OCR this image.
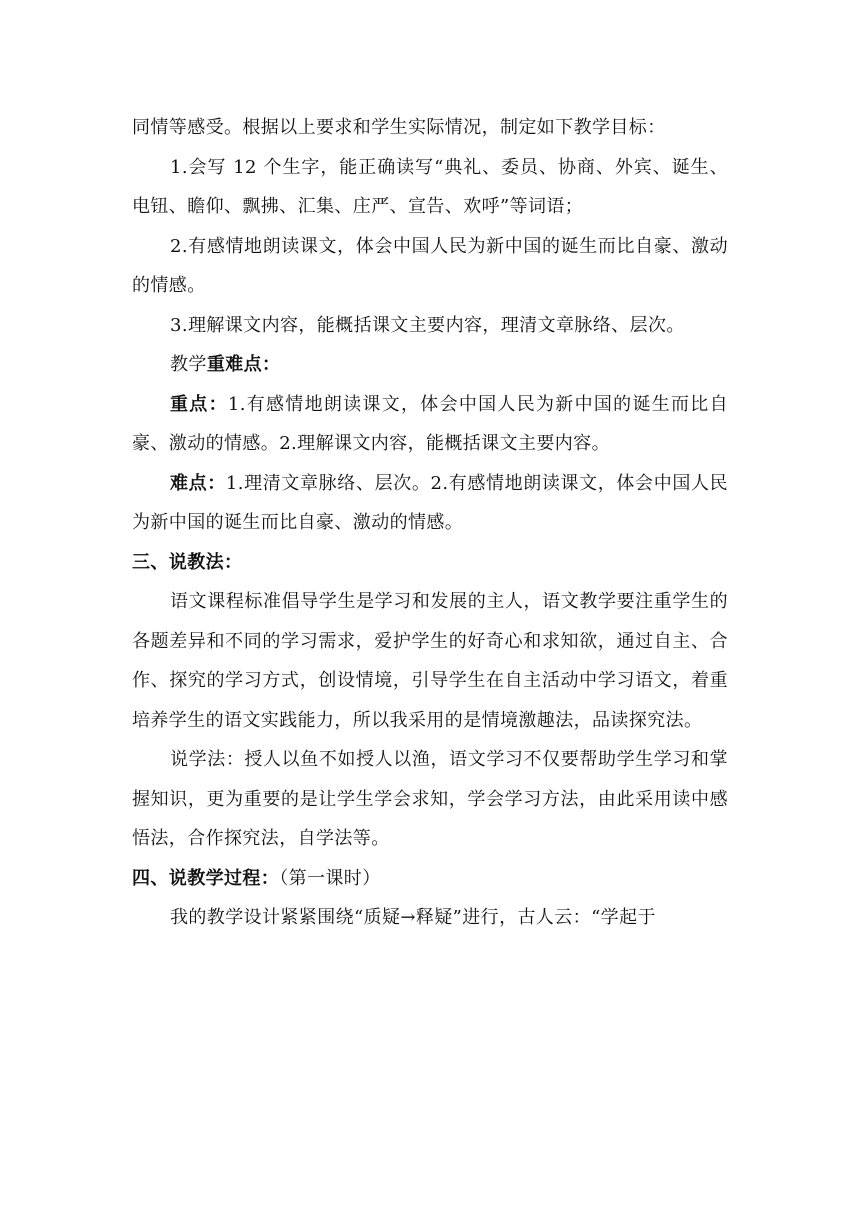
同情等感受。根据以上要求和学生实际情况，制定如下教学目标：

1.会写 12 个生字，能正确读写“典礼、委员、协商、外宾、诞生、电钮、瞻仰、飘拂、汇集、庄严、宣告、欢呼”等词语；

2.有感情地朗读课文，体会中国人民为新中国的诞生而比自豪、激动的情感。

3.理解课文内容，能概括课文主要内容，理清文章脉络、层次。

教学重难点：

重点：1.有感情地朗读课文，体会中国人民为新中国的诞生而比自豪、激动的情感。2.理解课文内容，能概括课文主要内容。

难点：1.理清文章脉络、层次。2.有感情地朗读课文，体会中国人民为新中国的诞生而比自豪、激动的情感。

三、说教法：

语文课程标准倡导学生是学习和发展的主人，语文教学要注重学生的各题差异和不同的学习需求，爱护学生的好奇心和求知欲，通过自主、合作、探究的学习方式，创设情境，引导学生在自主活动中学习语文，着重培养学生的语文实践能力，所以我采用的是情境激趣法，品读探究法。

说学法：授人以鱼不如授人以渔，语文学习不仅要帮助学生学习和掌握知识，更为重要的是让学生学会求知，学会学习方法，由此采用读中感悟法，合作探究法，自学法等。

四、说教学过程：（第一课时）

我的教学设计紧紧围绕“质疑→释疑”进行，古人云：“学起于
